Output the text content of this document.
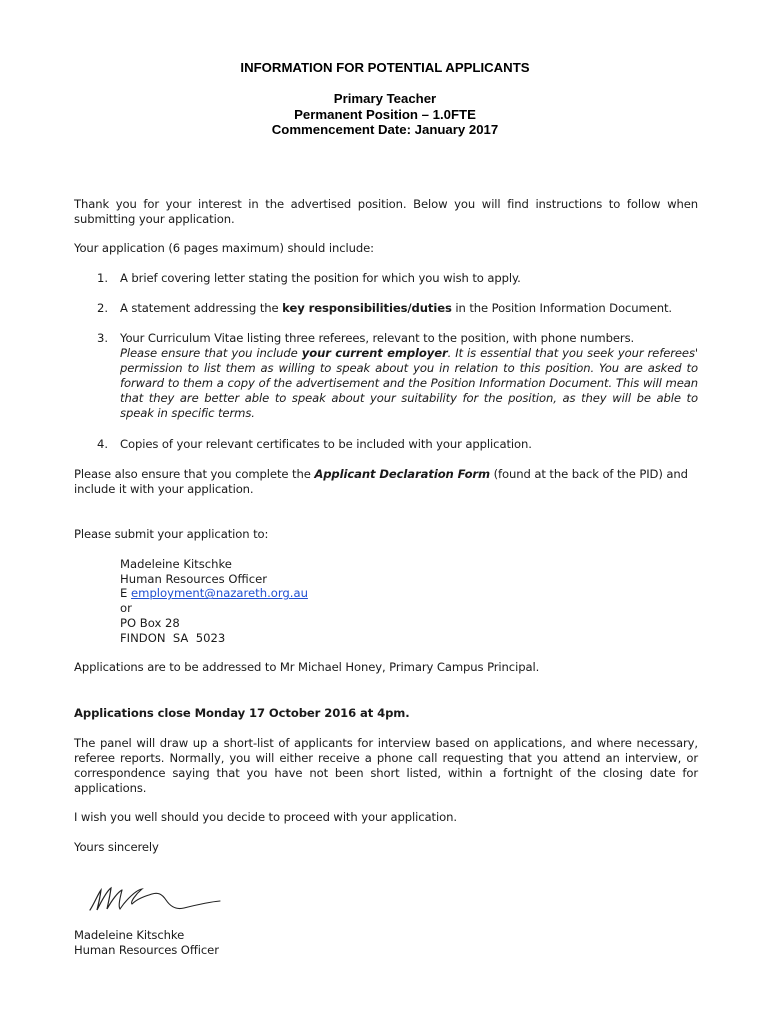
INFORMATION FOR POTENTIAL APPLICANTS
Primary Teacher
Permanent Position – 1.0FTE
Commencement Date: January 2017
Thank you for your interest in the advertised position. Below you will find instructions to follow when submitting your application.
Your application (6 pages maximum) should include:
1. A brief covering letter stating the position for which you wish to apply.
2. A statement addressing the key responsibilities/duties in the Position Information Document.
3. Your Curriculum Vitae listing three referees, relevant to the position, with phone numbers.
Please ensure that you include your current employer. It is essential that you seek your referees' permission to list them as willing to speak about you in relation to this position. You are asked to forward to them a copy of the advertisement and the Position Information Document. This will mean that they are better able to speak about your suitability for the position, as they will be able to speak in specific terms.
4. Copies of your relevant certificates to be included with your application.
Please also ensure that you complete the Applicant Declaration Form (found at the back of the PID) and include it with your application.
Please submit your application to:
Madeleine Kitschke
Human Resources Officer
E employment@nazareth.org.au
or
PO Box 28
FINDON  SA  5023
Applications are to be addressed to Mr Michael Honey, Primary Campus Principal.
Applications close Monday 17 October 2016 at 4pm.
The panel will draw up a short-list of applicants for interview based on applications, and where necessary, referee reports. Normally, you will either receive a phone call requesting that you attend an interview, or correspondence saying that you have not been short listed, within a fortnight of the closing date for applications.
I wish you well should you decide to proceed with your application.
Yours sincerely
Madeleine Kitschke
Human Resources Officer
